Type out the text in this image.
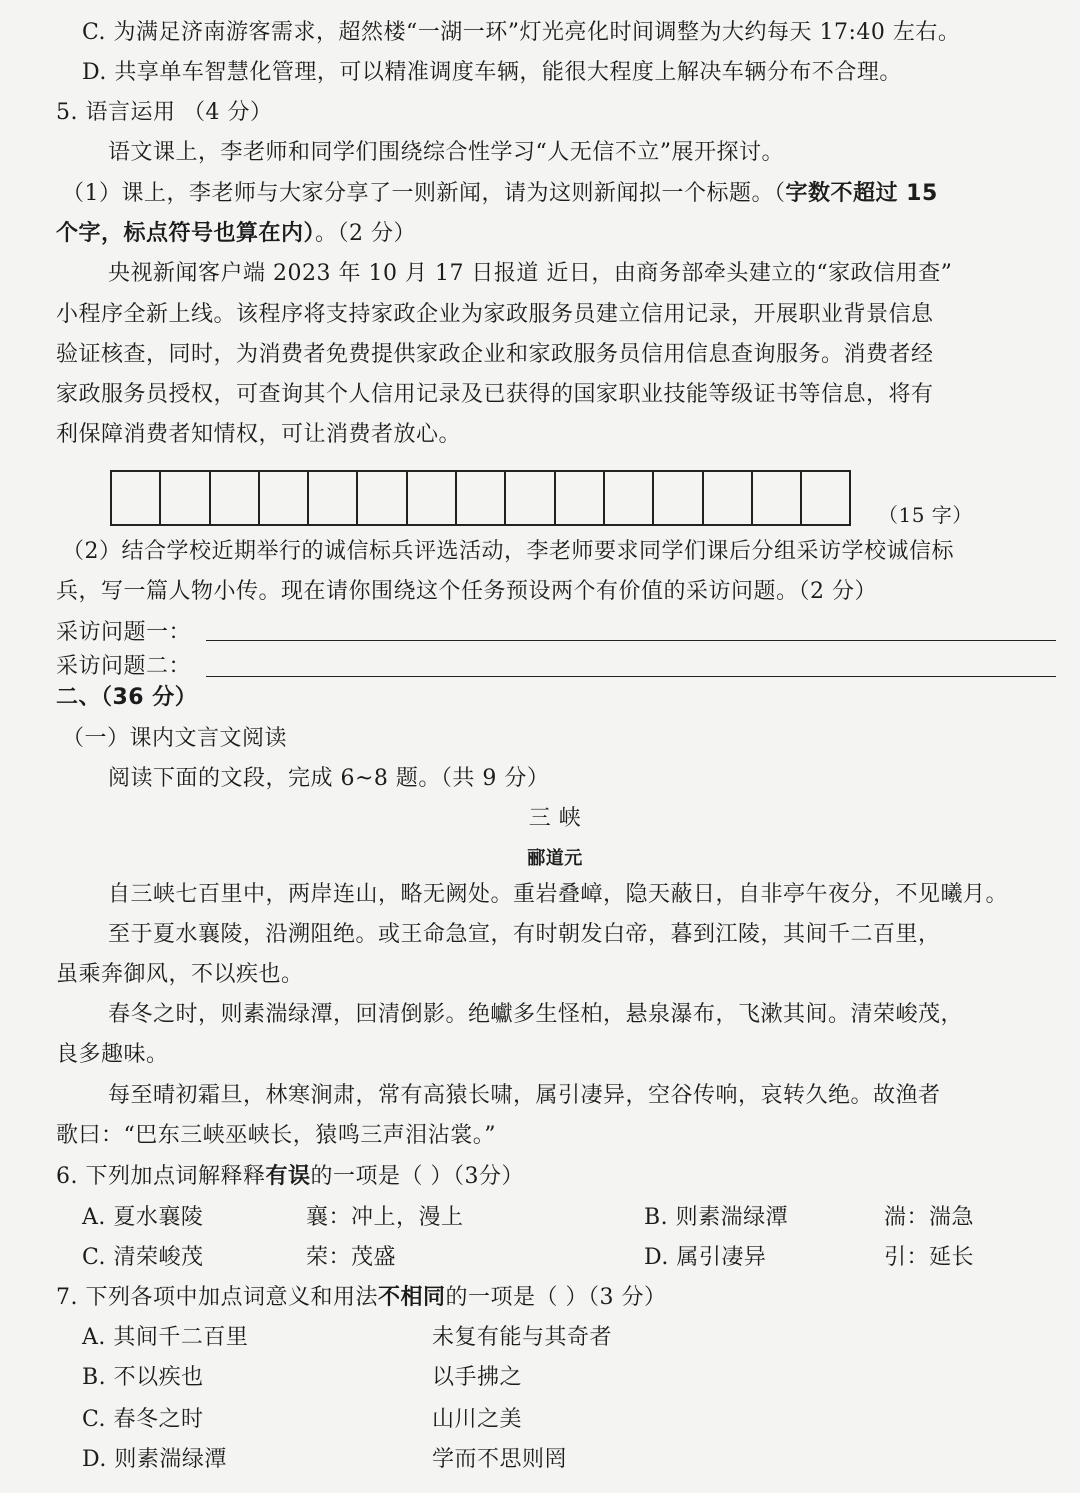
C. 为满足济南游客需求，超然楼“一湖一环”灯光亮化时间调整为大约每天 17:40 左右。
D. 共享单车智慧化管理，可以精准调度车辆，能很大程度上解决车辆分布不合理。
5. 语言运用 （4 分）
语文课上，李老师和同学们围绕综合性学习“人无信不立”展开探讨。
（1）课上，李老师与大家分享了一则新闻，请为这则新闻拟一个标题。（字数不超过 15
个字，标点符号也算在内）。（2 分）
央视新闻客户端 2023 年 10 月 17 日报道 近日，由商务部牵头建立的“家政信用查”
小程序全新上线。该程序将支持家政企业为家政服务员建立信用记录，开展职业背景信息
验证核查，同时，为消费者免费提供家政企业和家政服务员信用信息查询服务。消费者经
家政服务员授权，可查询其个人信用记录及已获得的国家职业技能等级证书等信息，将有
利保障消费者知情权，可让消费者放心。
（15 字）
（2）结合学校近期举行的诚信标兵评选活动，李老师要求同学们课后分组采访学校诚信标
兵，写一篇人物小传。现在请你围绕这个任务预设两个有价值的采访问题。（2 分）
采访问题一：
采访问题二：
二、（36 分）
（一）课内文言文阅读
阅读下面的文段，完成 6~8 题。（共 9 分）
三 峡
郦道元
自三峡七百里中，两岸连山，略无阙处。重岩叠嶂，隐天蔽日，自非亭午夜分，不见曦月。
至于夏水襄陵，沿溯阻绝。或王命急宣，有时朝发白帝，暮到江陵，其间千二百里，
虽乘奔御风，不以疾也。
春冬之时，则素湍绿潭，回清倒影。绝巘多生怪柏，悬泉瀑布，飞漱其间。清荣峻茂，
良多趣味。
每至晴初霜旦，林寒涧肃，常有高猿长啸，属引凄异，空谷传响，哀转久绝。故渔者
歌曰：“巴东三峡巫峡长，猿鸣三声泪沾裳。”
6. 下列加点词解释释有误的一项是（ ）（3分）
A. 夏水襄陵	襄：冲上，漫上	B. 则素湍绿潭	湍：湍急
C. 清荣峻茂	荣：茂盛	D. 属引凄异	引：延长
7. 下列各项中加点词意义和用法不相同的一项是（ ）（3 分）
A. 其间千二百里	未复有能与其奇者
B. 不以疾也	以手拂之
C. 春冬之时	山川之美
D. 则素湍绿潭	学而不思则罔
